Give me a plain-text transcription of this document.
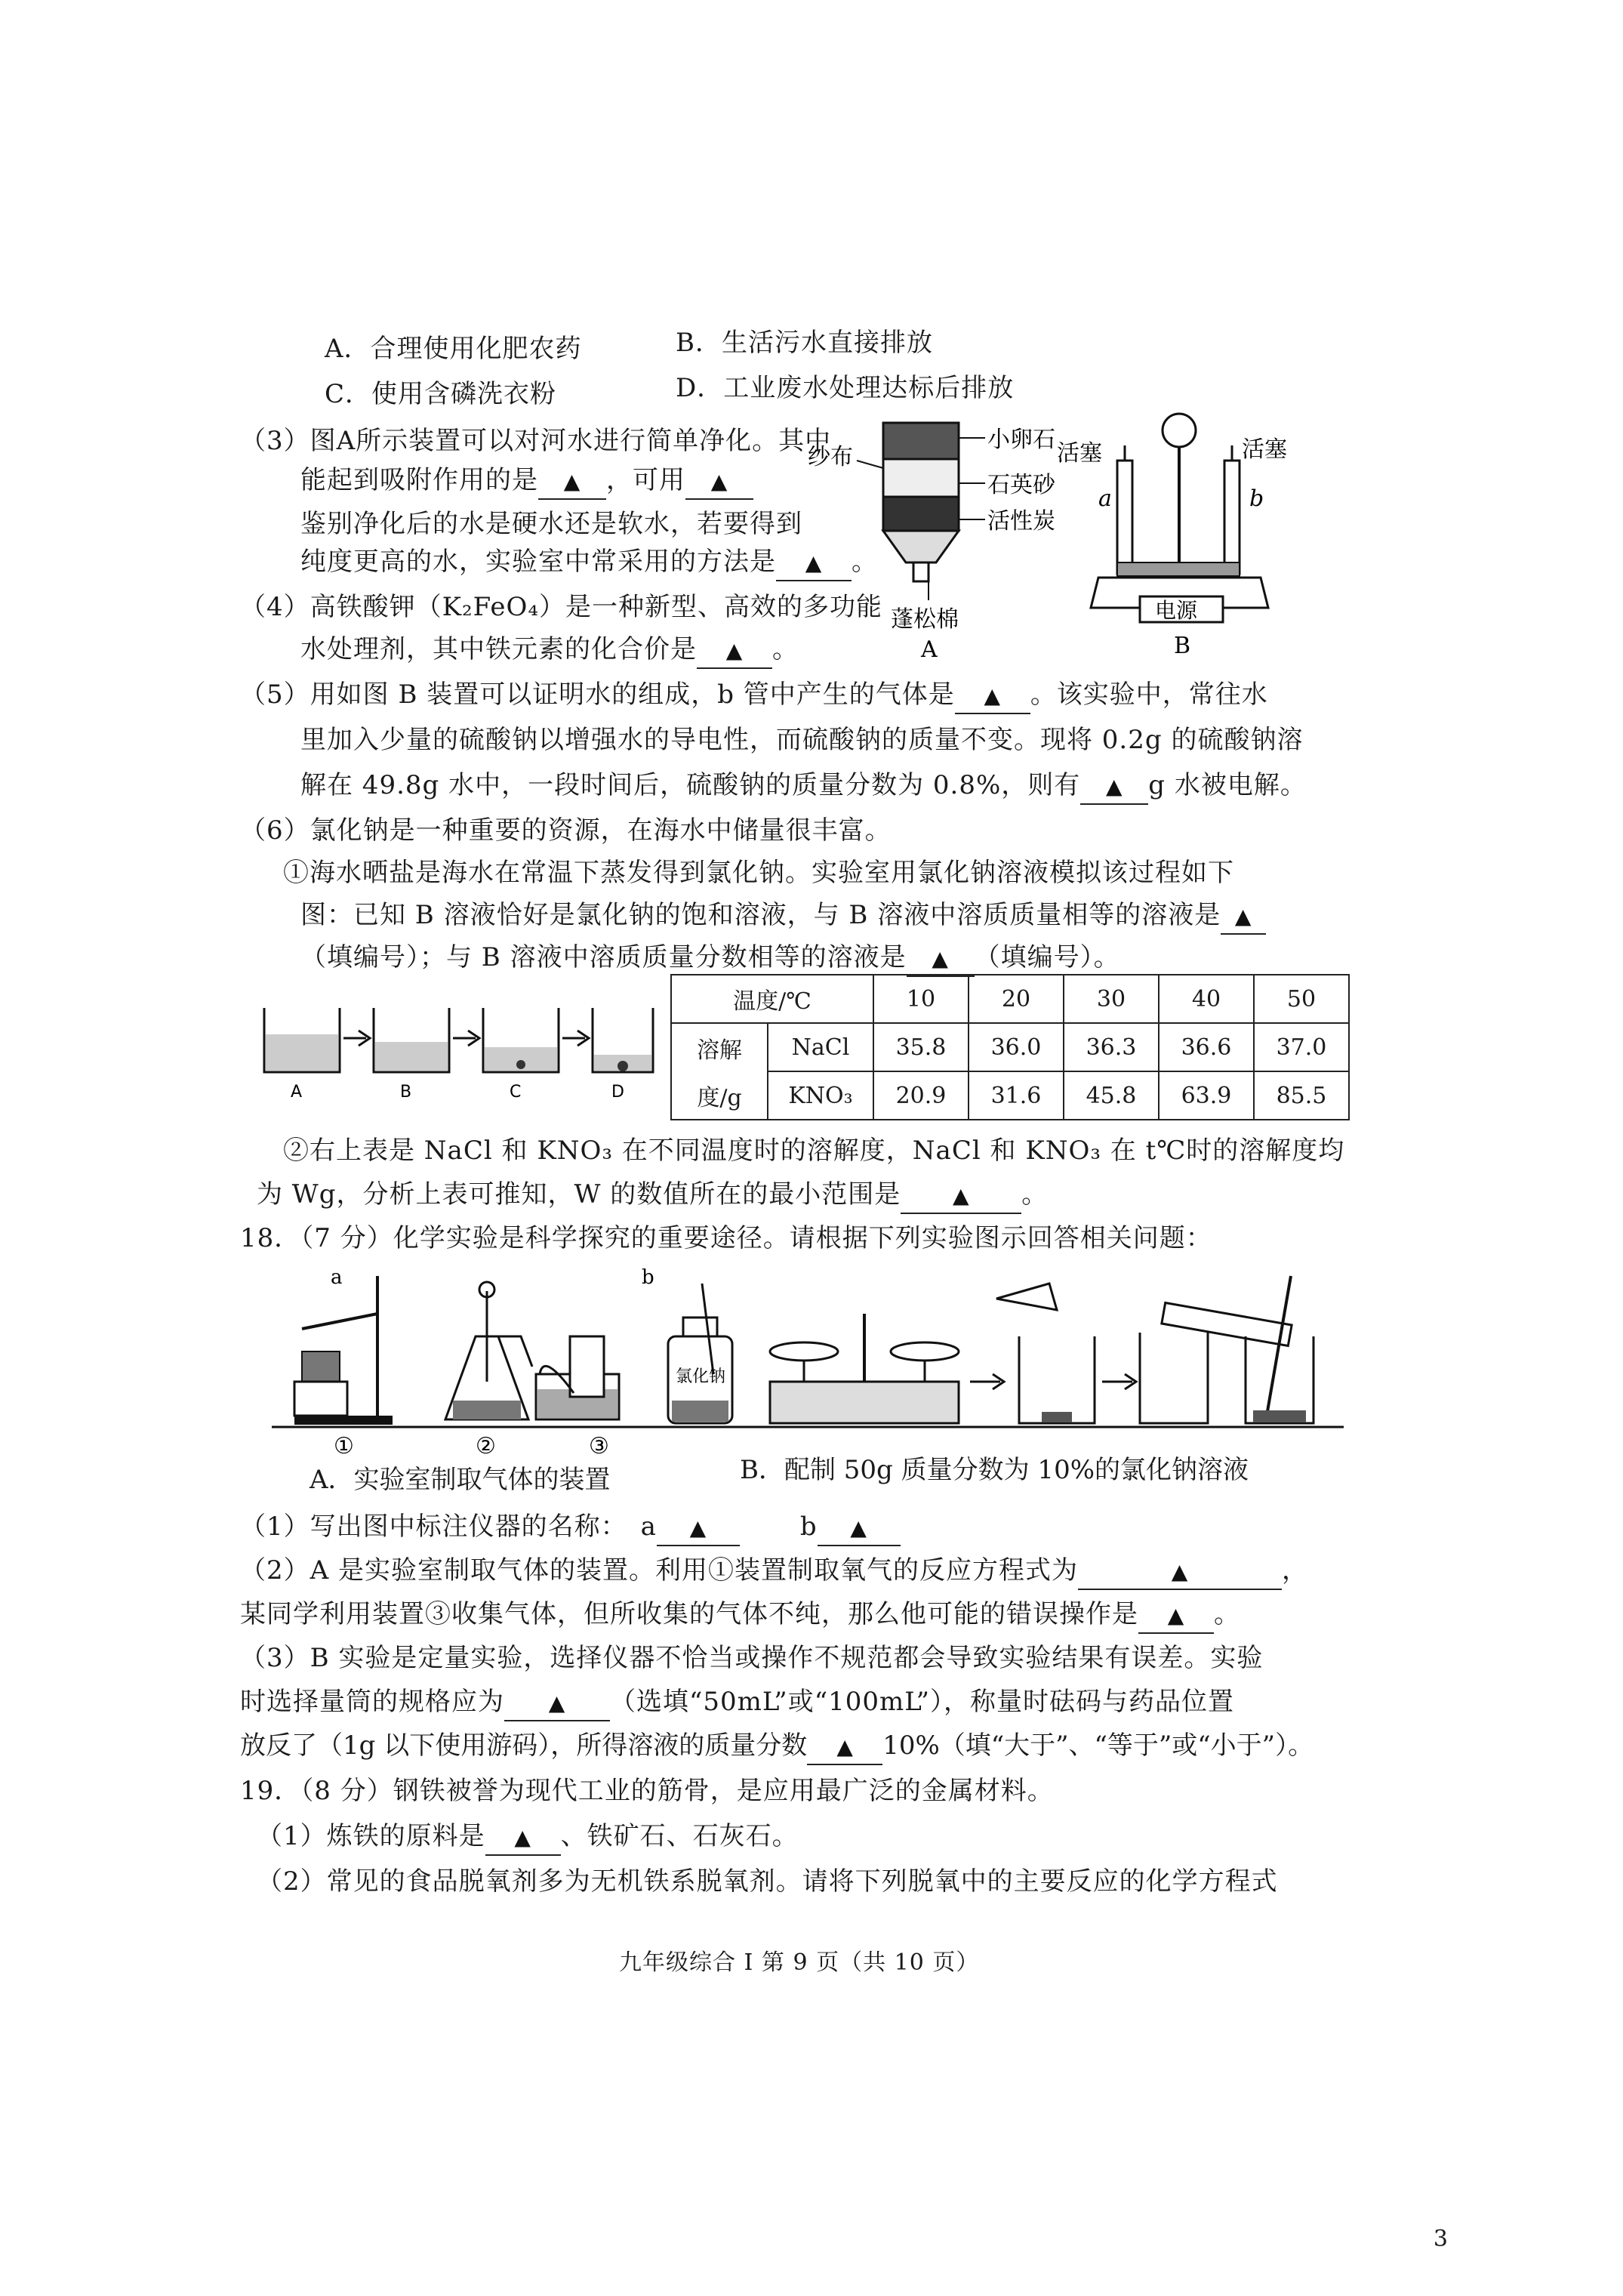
A．合理使用化肥农药	B．生活污水直接排放
C．使用含磷洗衣粉	D．工业废水处理达标后排放
（3）图A所示装置可以对河水进行简单净化。其中
能起到吸附作用的是 ▲ ，可用 ▲
鉴别净化后的水是硬水还是软水，若要得到
纯度更高的水，实验室中常采用的方法是 ▲ 。
小卵石
石英砂
活性炭
蓬松棉
纱布
A
电源
活塞	活塞
a	b
B
（4）高铁酸钾（K₂FeO₄）是一种新型、高效的多功能
水处理剂，其中铁元素的化合价是 ▲ 。
（5）用如图 B 装置可以证明水的组成，b 管中产生的气体是 ▲ 。该实验中，常往水
里加入少量的硫酸钠以增强水的导电性，而硫酸钠的质量不变。现将 0.2g 的硫酸钠溶
解在 49.8g 水中，一段时间后，硫酸钠的质量分数为 0.8%，则有 ▲ g 水被电解。
（6）氯化钠是一种重要的资源，在海水中储量很丰富。
①海水晒盐是海水在常温下蒸发得到氯化钠。实验室用氯化钠溶液模拟该过程如下
图：已知 B 溶液恰好是氯化钠的饱和溶液，与 B 溶液中溶质质量相等的溶液是 ▲
（填编号）；与 B 溶液中溶质质量分数相等的溶液是 ▲ （填编号）。
A	B	C	D
温度/℃		10	20	30	40	50
溶解	NaCl	35.8	36.0	36.3	36.6	37.0
度/g	KNO₃	20.9	31.6	45.8	63.9	85.5
②右上表是 NaCl 和 KNO₃ 在不同温度时的溶解度，NaCl 和 KNO₃ 在 t℃时的溶解度均
为 Wg，分析上表可推知，W 的数值所在的最小范围是 ▲ 。
18．（7 分）化学实验是科学探究的重要途径。请根据下列实验图示回答相关问题：
a
①	②
b
③
氯化钠
A．实验室制取气体的装置	B．配制 50g 质量分数为 10%的氯化钠溶液
（1）写出图中标注仪器的名称：　a ▲	b ▲
（2）A 是实验室制取气体的装置。利用①装置制取氧气的反应方程式为	▲	，
某同学利用装置③收集气体，但所收集的气体不纯，那么他可能的错误操作是 ▲ 。
（3）B 实验是定量实验，选择仪器不恰当或操作不规范都会导致实验结果有误差。实验
时选择量筒的规格应为 ▲ （选填“50mL”或“100mL”），称量时砝码与药品位置
放反了（1g 以下使用游码），所得溶液的质量分数 ▲ 10%（填“大于”、“等于”或“小于”）。
19．（8 分）钢铁被誉为现代工业的筋骨，是应用最广泛的金属材料。
（1）炼铁的原料是 ▲ 、铁矿石、石灰石。
（2）常见的食品脱氧剂多为无机铁系脱氧剂。请将下列脱氧中的主要反应的化学方程式
九年级综合 I 第 9 页（共 10 页）
3
